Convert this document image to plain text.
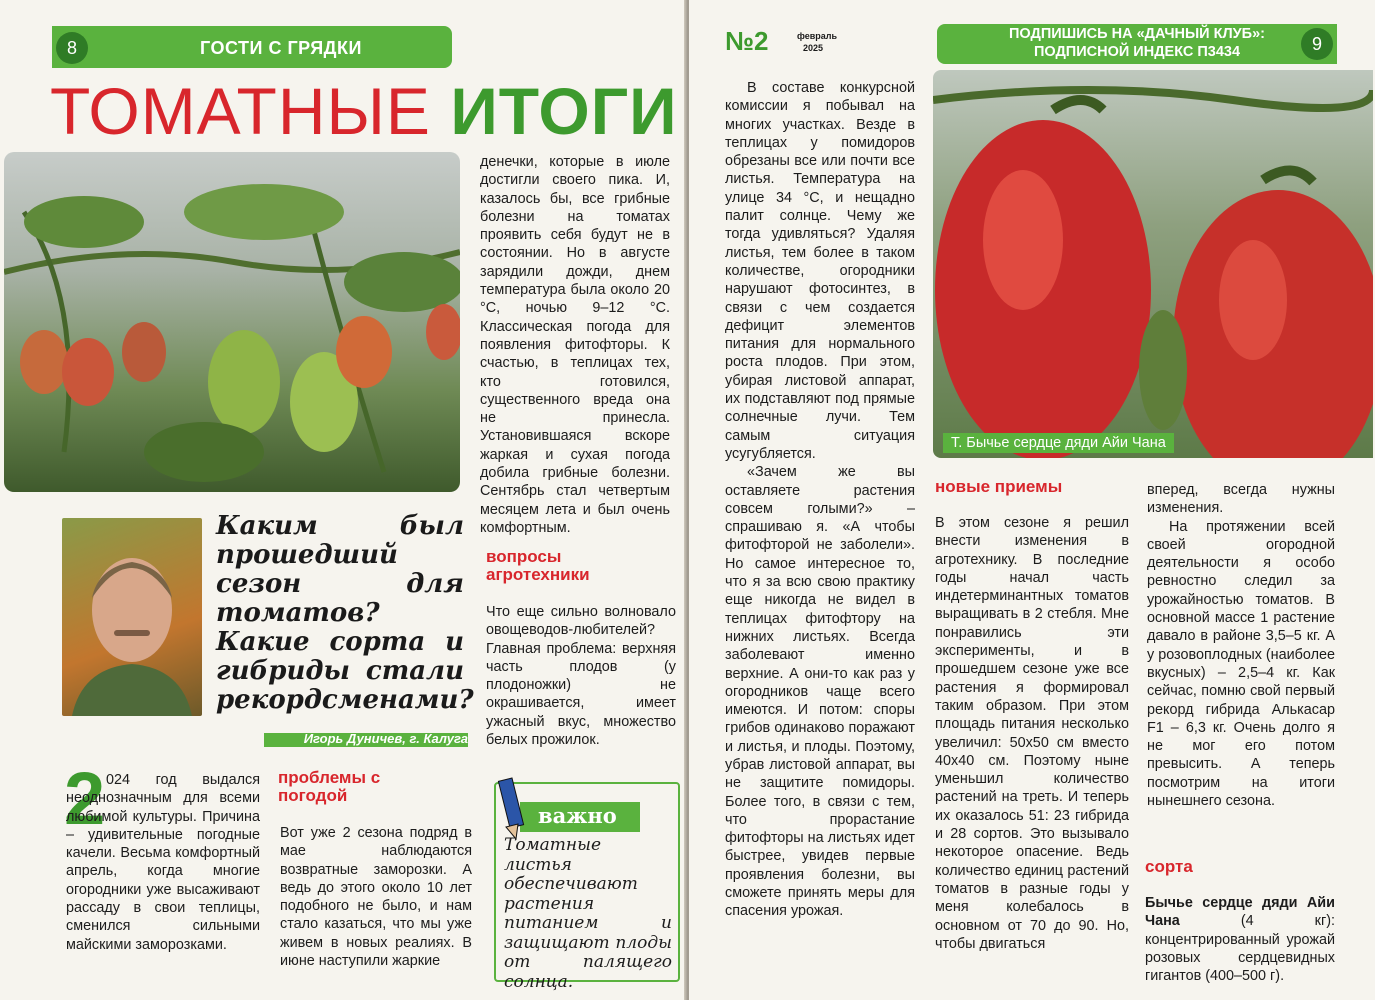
8	ГОСТИ С ГРЯДКИ
ТОМАТНЫЕ ИТОГИ
денечки, которые в июле достигли своего пика. И, казалось бы, все грибные болезни на томатах проявить себя будут не в состоянии. Но в августе зарядили дожди, днем температура была около 20 °С, ночью 9–12 °С. Классическая погода для появления фитофторы. К счастью, в теплицах тех, кто готовился, существенного вреда она не принесла. Установившаяся вскоре жаркая и сухая погода добила грибные болезни. Сентябрь стал четвертым месяцем лета и был очень комфортным.
Каким был прошедший сезон для томатов? Какие сорта и гибриды стали рекордсменами?
Игорь Дуничев, г. Калуга
2 024 год выдался неоднозначным для всеми любимой культуры. Причина – удивительные погодные качели. Весьма комфортный апрель, когда многие огородники уже высаживают рассаду в свои теплицы, сменился сильными майскими заморозками.

проблемы с погодой
Вот уже 2 сезона подряд в мае наблюдаются возвратные заморозки. А ведь до этого около 10 лет подобного не было, и нам стало казаться, что мы уже живем в новых реалиях. В июне наступили жаркие
вопросы агротехники
Что еще сильно волновало овощеводов-любителей? Главная проблема: верхняя часть плодов (у плодоножки) не окрашивается, имеет ужасный вкус, множество белых прожилок.
важно
Томатные листья обеспечивают растения питанием и защищают плоды от палящего солнца.
№2	февраль
2025
ПОДПИШИСЬ НА «ДАЧНЫЙ КЛУБ»:
ПОДПИСНОЙ ИНДЕКС П3434	9
Т. Бычье сердце дяди Айи Чана

В составе конкурсной комиссии я побывал на многих участках. Везде в теплицах у помидоров обрезаны все или почти все листья. Температура на улице 34 °С, и нещадно палит солнце. Чему же тогда удивляться? Удаляя листья, тем более в таком количестве, огородники нарушают фотосинтез, в связи с чем создается дефицит элементов питания для нормального роста плодов. При этом, убирая листовой аппарат, их подставляют под прямые солнечные лучи. Тем самым ситуация усугубляется.

«Зачем же вы оставляете растения совсем голыми?» – спрашиваю я. «А чтобы фитофторой не заболели». Но самое интересное то, что я за всю свою практику еще никогда не видел в теплицах фитофтору на нижних листьях. Всегда заболевают именно верхние. А они-то как раз у огородников чаще всего имеются. И потом: споры грибов одинаково поражают и листья, и плоды. Поэтому, убрав листовой аппарат, вы не защитите помидоры. Более того, в связи с тем, что прорастание фитофторы на листьях идет быстрее, увидев первые проявления болезни, вы сможете принять меры для спасения урожая.

новые приемы
В этом сезоне я решил внести изменения в агротехнику. В последние годы начал часть индетерминантных томатов выращивать в 2 стебля. Мне понравились эти эксперименты, и в прошедшем сезоне уже все растения я формировал таким образом. При этом площадь питания несколько увеличил: 50х50 см вместо 40х40 см. Поэтому ныне уменьшил количество растений на треть. И теперь их оказалось 51: 23 гибрида и 28 сортов. Это вызывало некоторое опасение. Ведь количество единиц растений томатов в разные годы у меня колебалось в основном от 70 до 90. Но, чтобы двигаться

вперед, всегда нужны изменения.

На протяжении всей своей огородной деятельности я особо ревностно следил за урожайностью томатов. В основной массе 1 растение давало в районе 3,5–5 кг. А у розовоплодных (наиболее вкусных) – 2,5–4 кг. Как сейчас, помню свой первый рекорд гибрида Алькасар F1 – 6,3 кг. Очень долго я не мог его потом превысить. А теперь посмотрим на итоги нынешнего сезона.

сорта

Бычье сердце дяди Айи Чана	(4 кг): концентрированный урожай розовых сердцевидных гигантов (400–500 г).
